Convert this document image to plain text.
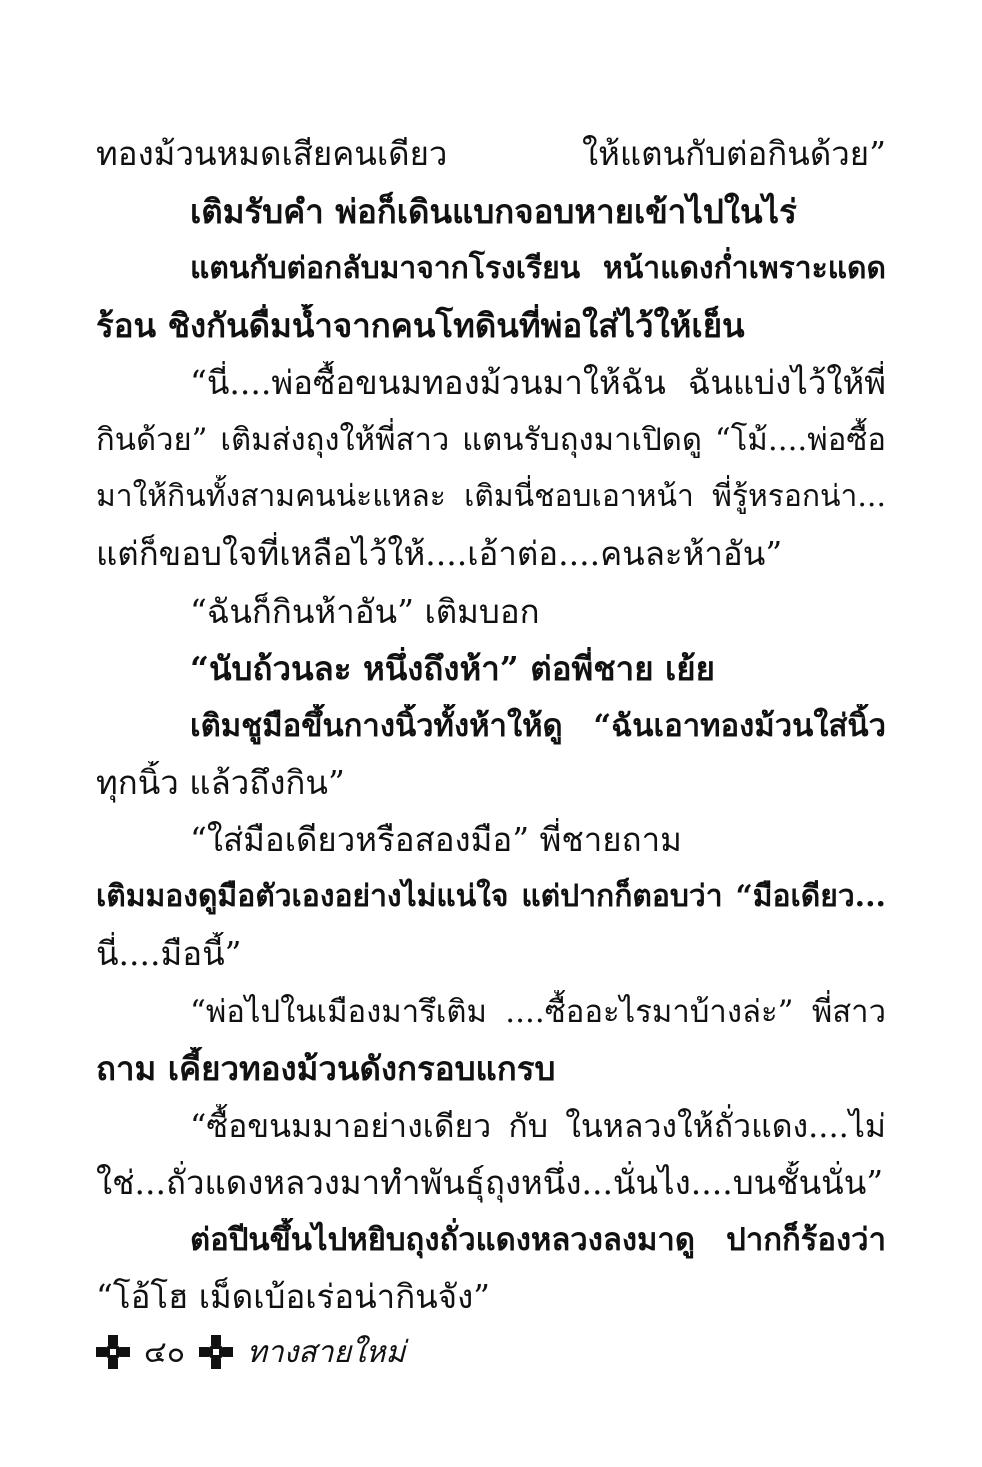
ทองม้วนหมดเสียคนเดียว ให้แตนกับต่อกินด้วย”
เติมรับคำ พ่อก็เดินแบกจอบหายเข้าไปในไร่
แตนกับต่อกลับมาจากโรงเรียน หน้าแดงก่ำเพราะแดด
ร้อน ชิงกันดื่มน้ำจากคนโทดินที่พ่อใส่ไว้ให้เย็น
“นี่....พ่อซื้อขนมทองม้วนมาให้ฉัน ฉันแบ่งไว้ให้พี่
กินด้วย” เติมส่งถุงให้พี่สาว แตนรับถุงมาเปิดดู “โม้....พ่อซื้อ
มาให้กินทั้งสามคนน่ะแหละ เติมนี่ชอบเอาหน้า พี่รู้หรอกน่า...
แต่ก็ขอบใจที่เหลือไว้ให้....เอ้าต่อ....คนละห้าอัน”
“ฉันก็กินห้าอัน” เติมบอก
“นับถ้วนละ หนึ่งถึงห้า” ต่อพี่ชาย เย้ย
เติมชูมือขึ้นกางนิ้วทั้งห้าให้ดู “ฉันเอาทองม้วนใส่นิ้ว
ทุกนิ้ว แล้วถึงกิน”
“ใส่มือเดียวหรือสองมือ” พี่ชายถาม
เติมมองดูมือตัวเองอย่างไม่แน่ใจ แต่ปากก็ตอบว่า “มือเดียว...
นี่....มือนี้”
“พ่อไปในเมืองมารึเติม ....ซื้ออะไรมาบ้างล่ะ” พี่สาว
ถาม เคี้ยวทองม้วนดังกรอบแกรบ
“ซื้อขนมมาอย่างเดียว กับ ในหลวงให้ถั่วแดง....ไม่
ใช่...ถั่วแดงหลวงมาทำพันธุ์ถุงหนึ่ง...นั่นไง....บนชั้นนั่น”
ต่อปีนขึ้นไปหยิบถุงถั่วแดงหลวงลงมาดู ปากก็ร้องว่า
“โอ้โฮ เม็ดเบ้อเร่อน่ากินจัง”
๔๐ ทางสายใหม่
